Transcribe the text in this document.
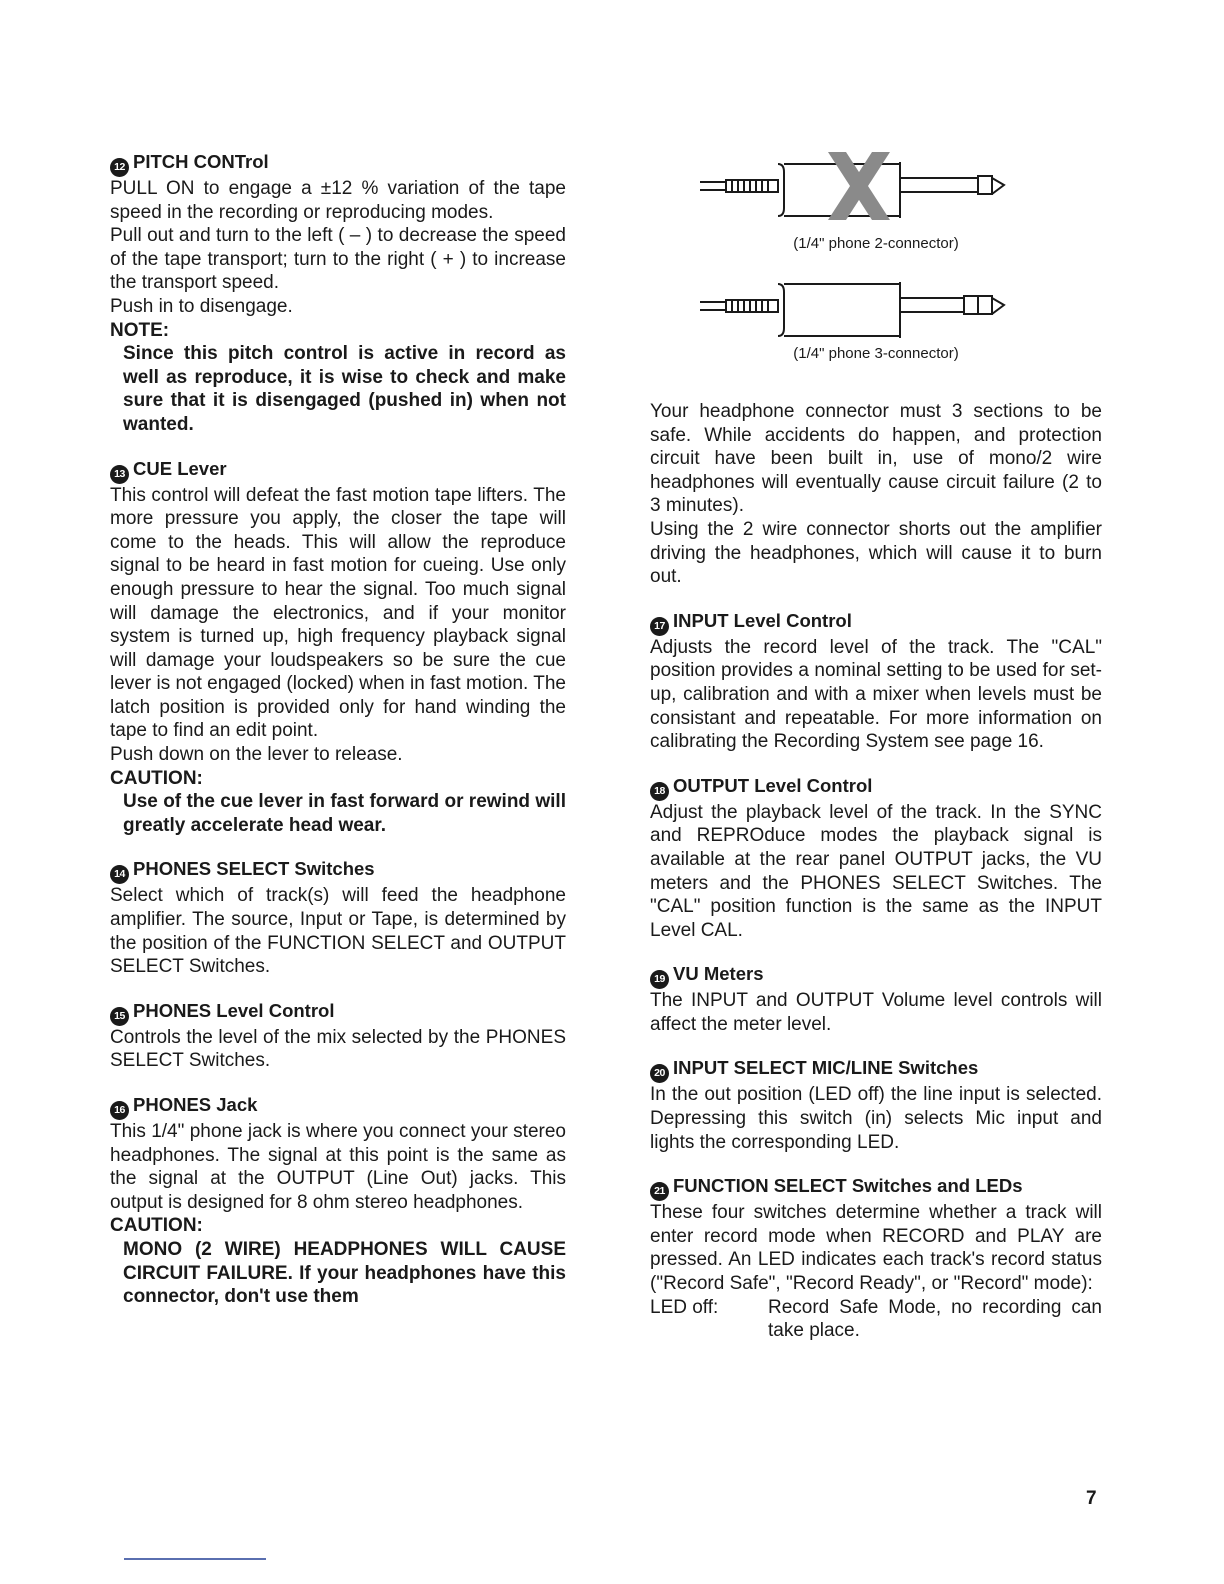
12 PITCH CONTrol

PULL ON to engage a ±12 % variation of the tape speed in the recording or reproducing modes.

Pull out and turn to the left ( – ) to decrease the speed of the tape transport; turn to the right ( + ) to increase the transport speed.

Push in to disengage.

NOTE:

Since this pitch control is active in record as well as reproduce, it is wise to check and make sure that it is disengaged (pushed in) when not wanted.

13 CUE Lever

This control will defeat the fast motion tape lifters. The more pressure you apply, the closer the tape will come to the heads. This will allow the reproduce signal to be heard in fast motion for cueing. Use only enough pressure to hear the signal. Too much signal will damage the electronics, and if your monitor system is turned up, high frequency playback signal will damage your loudspeakers so be sure the cue lever is not engaged (locked) when in fast motion. The latch position is provided only for hand winding the tape to find an edit point.

Push down on the lever to release.

CAUTION:

Use of the cue lever in fast forward or rewind will greatly accelerate head wear.

14 PHONES SELECT Switches

Select which of track(s) will feed the headphone amplifier. The source, Input or Tape, is determined by the position of the FUNCTION SELECT and OUTPUT SELECT Switches.

15 PHONES Level Control

Controls the level of the mix selected by the PHONES SELECT Switches.

16 PHONES Jack

This 1/4" phone jack is where you connect your stereo headphones. The signal at this point is the same as the signal at the OUTPUT (Line Out) jacks. This output is designed for 8 ohm stereo headphones.

CAUTION:

MONO (2 WIRE) HEADPHONES WILL CAUSE CIRCUIT FAILURE. If your headphones have this connector, don't use them

(1/4" phone 2-connector)
(1/4" phone 3-connector)

Your headphone connector must 3 sections to be safe. While accidents do happen, and protection circuit have been built in, use of mono/2 wire headphones will eventually cause circuit failure (2 to 3 minutes).

Using the 2 wire connector shorts out the amplifier driving the headphones, which will cause it to burn out.

17 INPUT Level Control

Adjusts the record level of the track. The "CAL" position provides a nominal setting to be used for set-up, calibration and with a mixer when levels must be consistant and repeatable. For more information on calibrating the Recording System see page 16.

18 OUTPUT Level Control

Adjust the playback level of the track. In the SYNC and REPROduce modes the playback signal is available at the rear panel OUTPUT jacks, the VU meters and the PHONES SELECT Switches. The "CAL" position function is the same as the INPUT Level CAL.

19 VU Meters

The INPUT and OUTPUT Volume level controls will affect the meter level.

20 INPUT SELECT MIC/LINE Switches

In the out position (LED off) the line input is selected. Depressing this switch (in) selects Mic input and lights the corresponding LED.

21 FUNCTION SELECT Switches and LEDs

These four switches determine whether a track will enter record mode when RECORD and PLAY are pressed. An LED indicates each track's record status ("Record Safe", "Record Ready", or "Record" mode):

LED off:	Record Safe Mode, no recording can take place.
7
